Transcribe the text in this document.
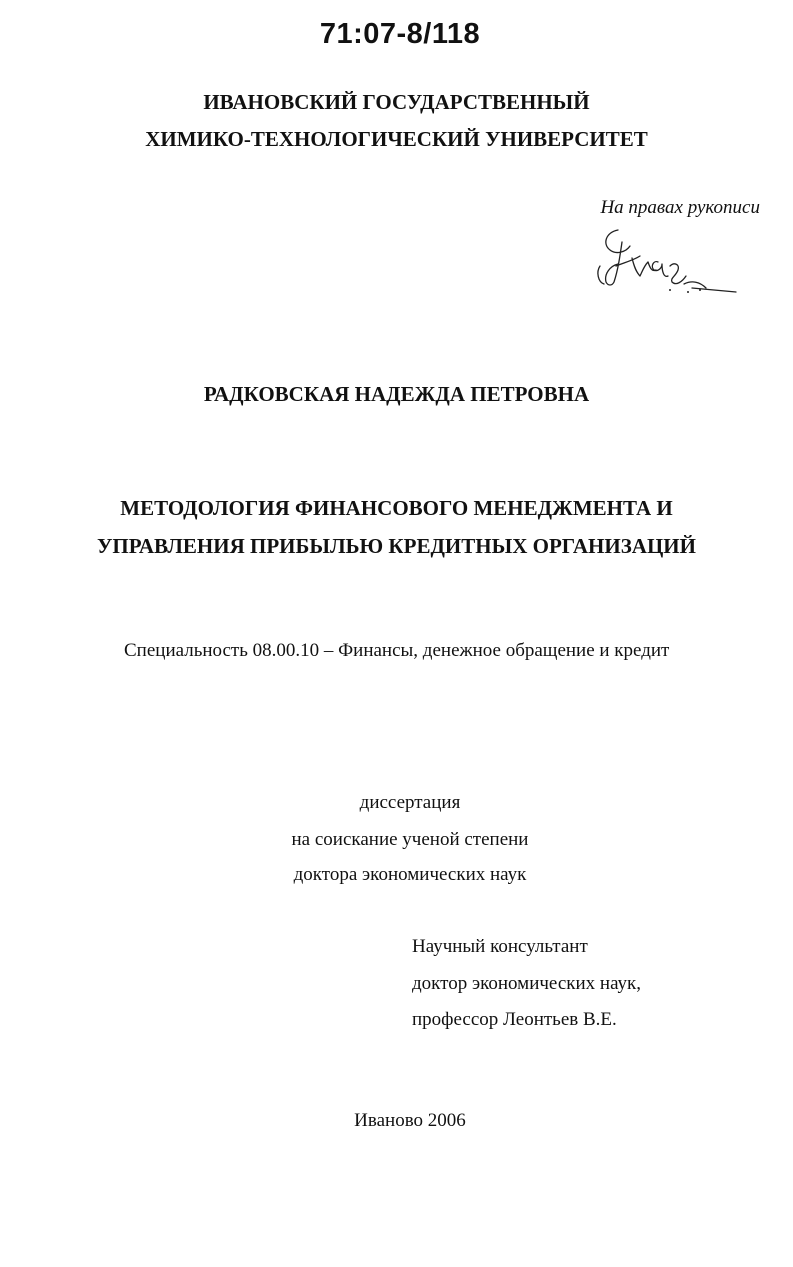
71:07-8/118
ИВАНОВСКИЙ ГОСУДАРСТВЕННЫЙ
ХИМИКО-ТЕХНОЛОГИЧЕСКИЙ УНИВЕРСИТЕТ
На правах рукописи
РАДКОВСКАЯ НАДЕЖДА ПЕТРОВНА
МЕТОДОЛОГИЯ ФИНАНСОВОГО МЕНЕДЖМЕНТА И
УПРАВЛЕНИЯ ПРИБЫЛЬЮ КРЕДИТНЫХ ОРГАНИЗАЦИЙ
Специальность 08.00.10 – Финансы, денежное обращение и кредит
диссертация
на соискание ученой степени
доктора экономических наук
Научный консультант
доктор экономических наук,
профессор Леонтьев В.Е.
Иваново 2006
